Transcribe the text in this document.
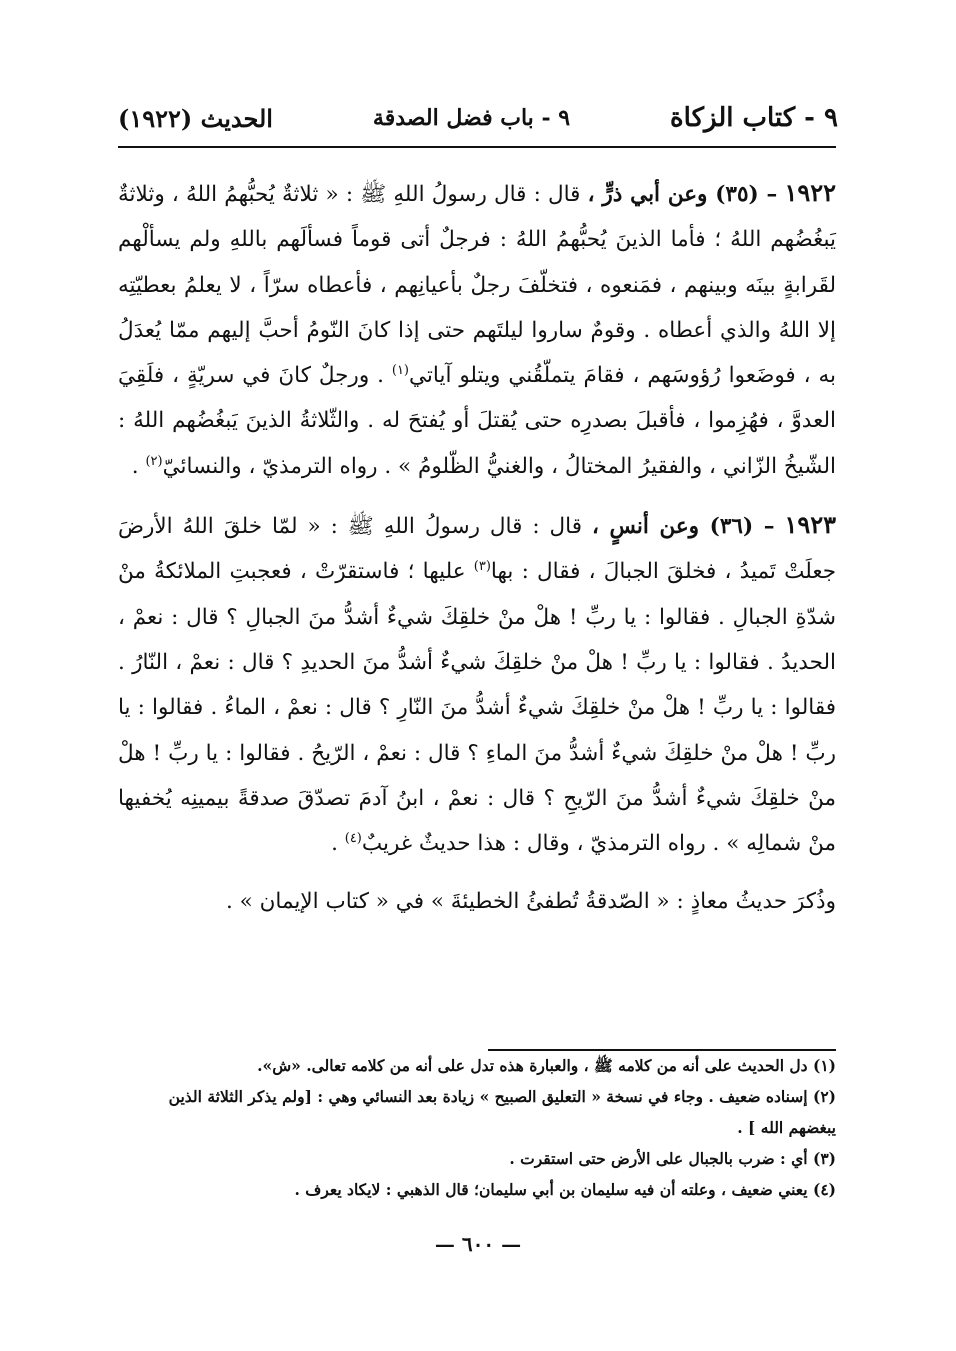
٩ - كتاب الزكاة
٩ - باب فضل الصدقة
الحديث (١٩٢٢)

١٩٢٢ – (٣٥) وعن أبي ذرٍّ ، قال : قال رسولُ اللهِ ﷺ : « ثلاثةٌ يُحبُّهمُ اللهُ ، وثلاثةٌ يَبغُضُهم اللهُ ؛ فأما الذينَ يُحبُّهمُ اللهُ : فرجلٌ أتى قوماً فسألَهم باللهِ ولم يسألْهم لقَرابةٍ بينَه وبينهم ، فمَنعوه ، فتخلّفَ رجلٌ بأعيانِهم ، فأعطاه سرّاً ، لا يعلمُ بعطيّتِه إلا اللهُ والذي أعطاه . وقومٌ ساروا ليلتَهم حتى إذا كانَ النّومُ أحبَّ إليهم ممّا يُعدَلُ به ، فوضَعوا رُؤوسَهم ، فقامَ يتملّقُني ويتلو آياتي$^{(١)}$ . ورجلٌ كانَ في سريّةٍ ، فلَقِيَ العدوَّ ، فهُزِموا ، فأقبلَ بصدرِه حتى يُقتلَ أو يُفتحَ له . والثّلاثةُ الذينَ يَبغُضُهم اللهُ : الشّيخُ الزّاني ، والفقيرُ المختالُ ، والغنيُّ الظّلومُ » . رواه الترمذيّ ، والنسائيّ$^{(٢)}$ .

١٩٢٣ – (٣٦) وعن أنسٍ ، قال : قال رسولُ اللهِ ﷺ : « لمّا خلقَ اللهُ الأرضَ جعلَتْ تَميدُ ، فخلقَ الجبالَ ، فقال : بها$^{(٣)}$ عليها ؛ فاستقرّتْ ، فعجبتِ الملائكةُ منْ شدّةِ الجبالِ . فقالوا : يا ربِّ ! هلْ منْ خلقِكَ شيءٌ أشدُّ منَ الجبالِ ؟ قال : نعمْ ، الحديدُ . فقالوا : يا ربِّ ! هلْ منْ خلقِكَ شيءٌ أشدُّ منَ الحديدِ ؟ قال : نعمْ ، النّارُ . فقالوا : يا ربِّ ! هلْ منْ خلقِكَ شيءٌ أشدُّ منَ النّارِ ؟ قال : نعمْ ، الماءُ . فقالوا : يا ربِّ ! هلْ منْ خلقِكَ شيءٌ أشدُّ منَ الماءِ ؟ قال : نعمْ ، الرّيحُ . فقالوا : يا ربِّ ! هلْ منْ خلقِكَ شيءٌ أشدُّ منَ الرّيحِ ؟ قال : نعمْ ، ابنُ آدمَ تصدّقَ صدقةً بيمينِه يُخفيها منْ شمالِه » . رواه الترمذيّ ، وقال : هذا حديثٌ غريبٌ$^{(٤)}$ .

وذُكرَ حديثُ معاذٍ : « الصّدقةُ تُطفئُ الخطيئةَ » في « كتاب الإيمان » .

(١) دل الحديث على أنه من كلامه ﷺ ، والعبارة هذه تدل على أنه من كلامه تعالى. «ش».

(٢) إسناده ضعيف . وجاء في نسخة « التعليق الصبيح » زيادة بعد النسائي وهي : [ولم يذكر الثلاثة الذين يبغضهم الله ] .

(٣) أي : ضرب بالجبال على الأرض حتى استقرت .

(٤) يعني ضعيف ، وعلته أن فيه سليمان بن أبي سليمان؛ قال الذهبي : لايكاد يعرف .

— ٦٠٠ —
